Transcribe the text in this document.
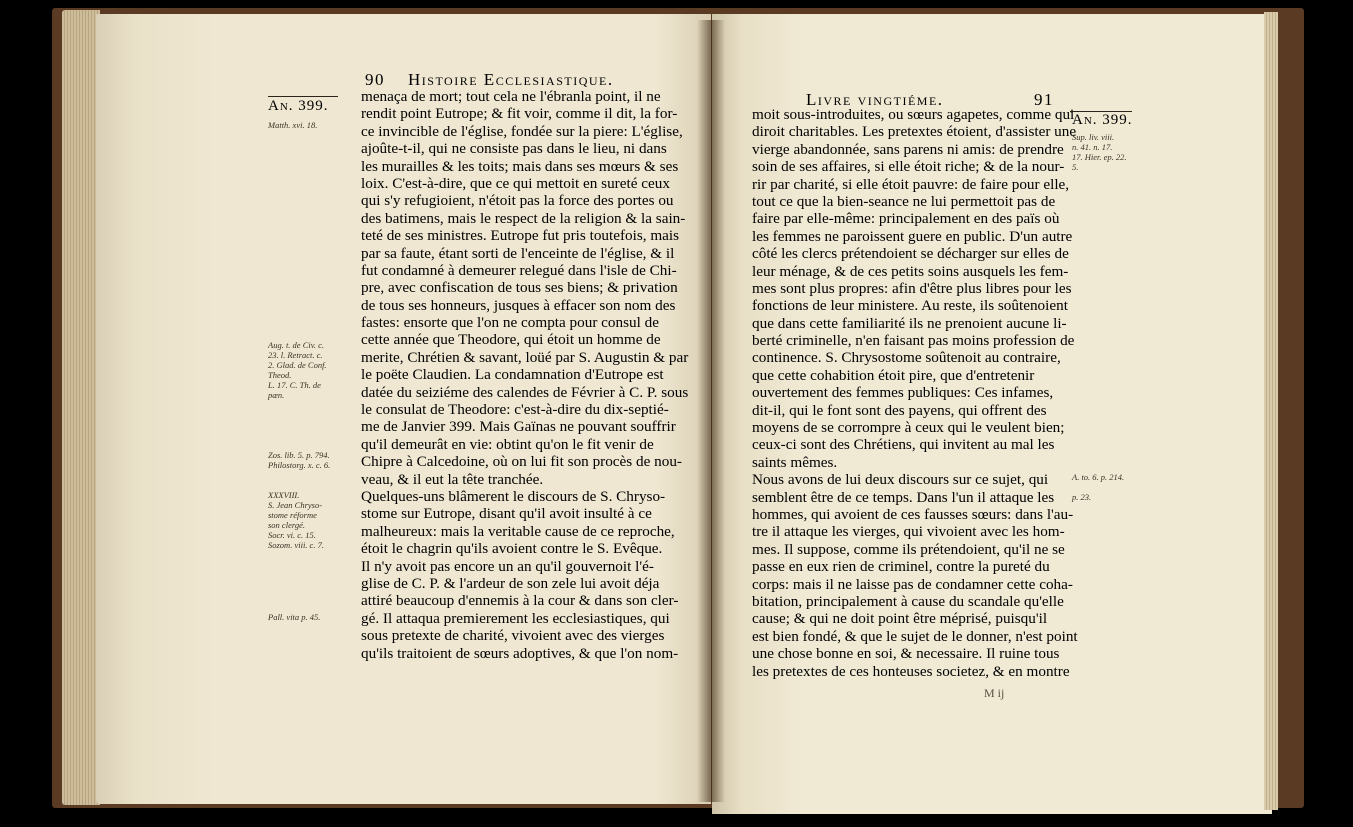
90 Histoire Ecclesiastique.
An. 399.
menaça de mort; tout cela ne l'ébranla point, il ne
rendit point Eutrope; & fit voir, comme il dit, la for-
ce invincible de l'église, fondée sur la piere: L'église,
ajoûte-t-il, qui ne consiste pas dans le lieu, ni dans
les murailles & les toits; mais dans ses mœurs & ses
loix. C'est-à-dire, que ce qui mettoit en sureté ceux
qui s'y refugioient, n'étoit pas la force des portes ou
des batimens, mais le respect de la religion & la sain-
teté de ses ministres. Eutrope fut pris toutefois, mais
par sa faute, étant sorti de l'enceinte de l'église, & il
fut condamné à demeurer relegué dans l'isle de Chi-
pre, avec confiscation de tous ses biens; & privation
de tous ses honneurs, jusques à effacer son nom des
fastes: ensorte que l'on ne compta pour consul de
cette année que Theodore, qui étoit un homme de
merite, Chrétien & savant, loüé par S. Augustin & par
le poëte Claudien. La condamnation d'Eutrope est
datée du seiziéme des calendes de Février à C. P. sous
le consulat de Theodore: c'est-à-dire du dix-septié-
me de Janvier 399. Mais Gaïnas ne pouvant souffrir
qu'il demeurât en vie: obtint qu'on le fit venir de
Chipre à Calcedoine, où on lui fit son procès de nou-
veau, & il eut la tête tranchée.
Quelques-uns blâmerent le discours de S. Chryso-
stome sur Eutrope, disant qu'il avoit insulté à ce
malheureux: mais la veritable cause de ce reproche,
étoit le chagrin qu'ils avoient contre le S. Evêque.
Il n'y avoit pas encore un an qu'il gouvernoit l'é-
glise de C. P. & l'ardeur de son zele lui avoit déja
attiré beaucoup d'ennemis à la cour & dans son cler-
gé. Il attaqua premierement les ecclesiastiques, qui
sous pretexte de charité, vivoient avec des vierges
qu'ils traitoient de sœurs adoptives, & que l'on nom-
Matth. xvi. 18.
Aug. t. de Civ. c.
23. l. Retract. c.
2. Glad. de Conf.
Theod.
L. 17. C. Th. de
pæn.
Zos. lib. 5. p. 794.
Philostorg. x. c. 6.
XXXVIII.
S. Jean Chryso-
stome réforme
son clergé.
Socr. vi. c. 15.
Sozom. viii. c. 7.
Pall. vita p. 45.
Livre vingtiéme.	91
An. 399.
moit sous-introduites, ou sœurs agapetes, comme qui
diroit charitables. Les pretextes étoient, d'assister une
vierge abandonnée, sans parens ni amis: de prendre
soin de ses affaires, si elle étoit riche; & de la nour-
rir par charité, si elle étoit pauvre: de faire pour elle,
tout ce que la bien-seance ne lui permettoit pas de
faire par elle-même: principalement en des païs où
les femmes ne paroissent guere en public. D'un autre
côté les clercs prétendoient se décharger sur elles de
leur ménage, & de ces petits soins ausquels les fem-
mes sont plus propres: afin d'être plus libres pour les
fonctions de leur ministere. Au reste, ils soûtenoient
que dans cette familiarité ils ne prenoient aucune li-
berté criminelle, n'en faisant pas moins profession de
continence. S. Chrysostome soûtenoit au contraire,
que cette cohabition étoit pire, que d'entretenir
ouvertement des femmes publiques: Ces infames,
dit-il, qui le font sont des payens, qui offrent des
moyens de se corrompre à ceux qui le veulent bien;
ceux-ci sont des Chrétiens, qui invitent au mal les
saints mêmes.
Nous avons de lui deux discours sur ce sujet, qui
semblent être de ce temps. Dans l'un il attaque les
hommes, qui avoient de ces fausses sœurs: dans l'au-
tre il attaque les vierges, qui vivoient avec les hom-
mes. Il suppose, comme ils prétendoient, qu'il ne se
passe en eux rien de criminel, contre la pureté du
corps: mais il ne laisse pas de condamner cette coha-
bitation, principalement à cause du scandale qu'elle
cause; & qui ne doit point être méprisé, puisqu'il
est bien fondé, & que le sujet de le donner, n'est point
une chose bonne en soi, & necessaire. Il ruine tous
les pretextes de ces honteuses societez, & en montre
Sup. liv. viii.
n. 41. n. 17.
17. Hier. ep. 22.
5.
A. to. 6. p. 214.
p. 23.
M ij
